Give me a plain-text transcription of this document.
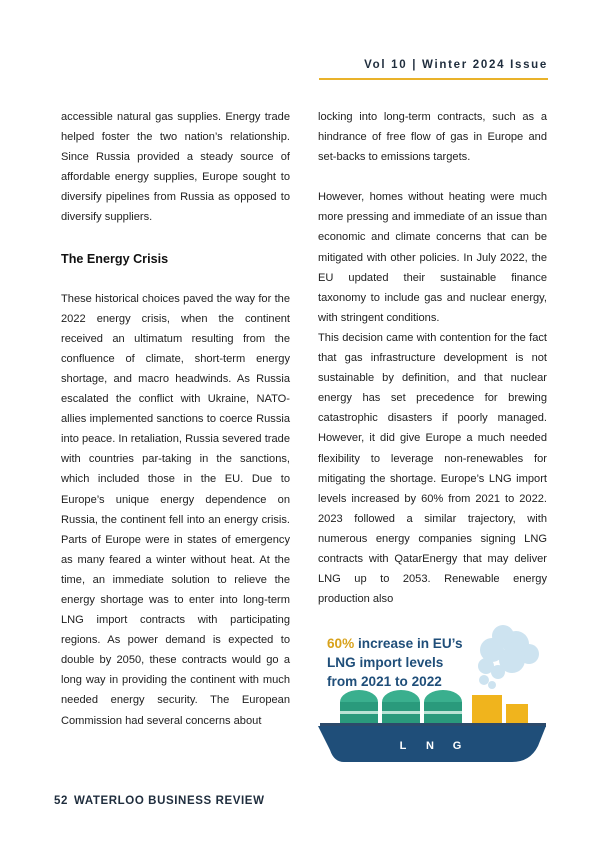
Vol 10 | Winter 2024 Issue

accessible natural gas supplies. Energy trade helped foster the two nation’s relationship. Since Russia provided a steady source of affordable energy supplies, Europe sought to diversify pipelines from Russia as opposed to diversify suppliers.

The Energy Crisis

These historical choices paved the way for the 2022 energy crisis, when the continent received an ultimatum resulting from the confluence of climate, short-term energy shortage, and macro headwinds. As Russia escalated the conflict with Ukraine, NATO-allies implemented sanctions to coerce Russia into peace. In retaliation, Russia severed trade with countries par-taking in the sanctions, which included those in the EU. Due to Europe’s unique energy dependence on Russia, the continent fell into an energy crisis. Parts of Europe were in states of emergency as many feared a winter without heat. At the time, an immediate solution to relieve the energy shortage was to enter into long-term LNG import contracts with participating regions. As power demand is expected to double by 2050, these contracts would go a long way in providing the continent with much needed energy security. The European Commission had several concerns about

locking into long-term contracts, such as a hindrance of free flow of gas in Europe and set-backs to emissions targets.

However, homes without heating were much more pressing and immediate of an issue than economic and climate concerns that can be mitigated with other policies. In July 2022, the EU updated their sustainable finance taxonomy to include gas and nuclear energy, with stringent conditions.

This decision came with contention for the fact that gas infrastructure development is not sustainable by definition, and that nuclear energy has set precedence for brewing catastrophic disasters if poorly managed. However, it did give Europe a much needed flexibility to leverage non-renewables for mitigating the shortage. Europe’s LNG import levels increased by 60% from 2021 to 2022. 2023 followed a similar trajectory, with numerous energy companies signing LNG contracts with QatarEnergy that may deliver LNG up to 2053. Renewable energy production also

L N G
60% increase in EU’s
LNG import levels
from 2021 to 2022
52 WATERLOO BUSINESS REVIEW
